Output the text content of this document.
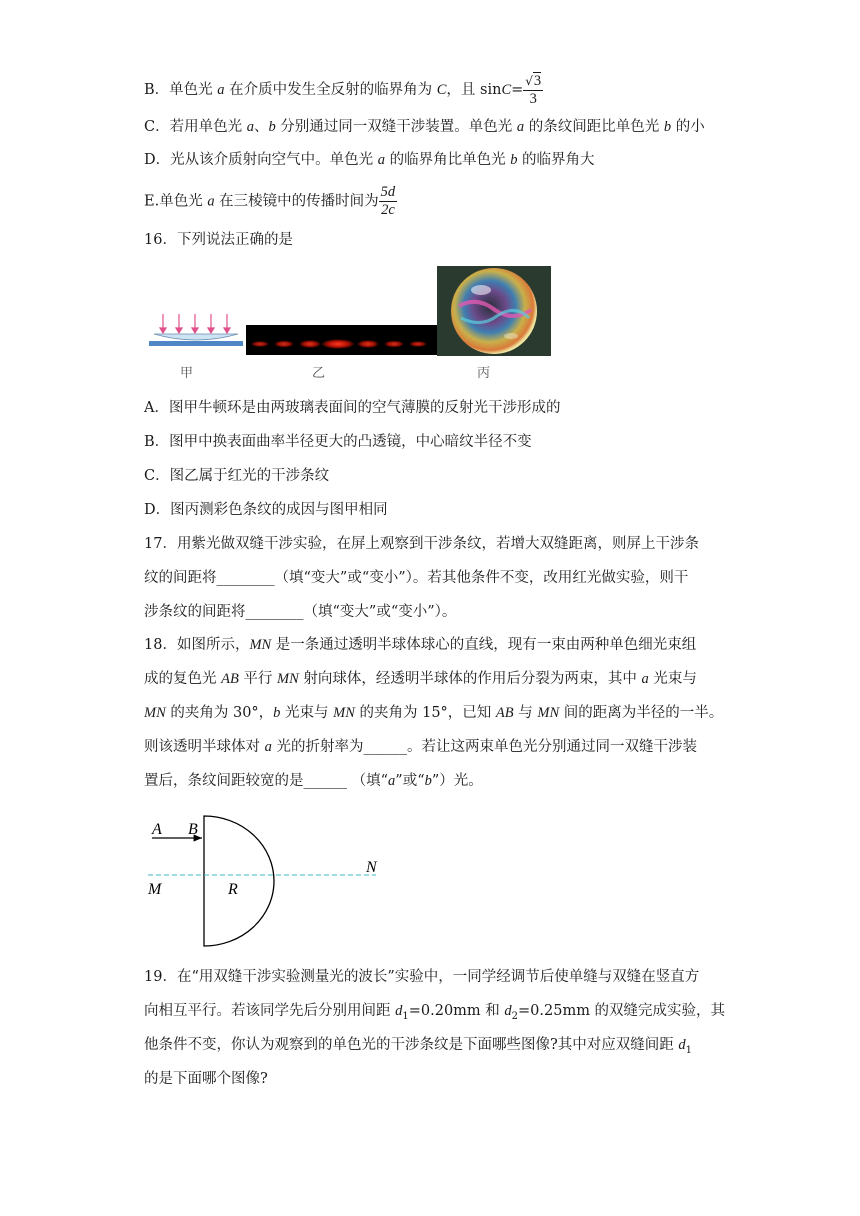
B．单色光 a 在介质中发生全反射的临界角为 C，且 $\sin C= \frac{√3}{3}$
C．若用单色光 a、b 分别通过同一双缝干涉装置。单色光 a 的条纹间距比单色光 b 的小
D．光从该介质射向空气中。单色光 a 的临界角比单色光 b 的临界角大
E.单色光 a 在三棱镜中的传播时间为 $\frac{5d}{2c}$
16．下列说法正确的是
甲	乙	丙
A．图甲牛顿环是由两玻璃表面间的空气薄膜的反射光干涉形成的
B．图甲中换表面曲率半径更大的凸透镜，中心暗纹半径不变
C．图乙属于红光的干涉条纹
D．图丙测彩色条纹的成因与图甲相同
17．用紫光做双缝干涉实验，在屏上观察到干涉条纹，若增大双缝距离，则屏上干涉条
纹的间距将________（填“变大”或“变小”）。若其他条件不变，改用红光做实验，则干
涉条纹的间距将________（填“变大”或“变小”）。
18．如图所示，MN 是一条通过透明半球体球心的直线，现有一束由两种单色细光束组
成的复色光 AB 平行 MN 射向球体，经透明半球体的作用后分裂为两束，其中 a 光束与
MN 的夹角为 30°，b 光束与 MN 的夹角为 15°，已知 AB 与 MN 间的距离为半径的一半。
则该透明半球体对 a 光的折射率为______。若让这两束单色光分别通过同一双缝干涉装
置后，条纹间距较宽的是______ （填“a”或“b”）光。
A B
M
N
R
19．在“用双缝干涉实验测量光的波长”实验中，一同学经调节后使单缝与双缝在竖直方
向相互平行。若该同学先后分别用间距 $d_1=0.20mm$ 和 $d_2=0.25mm$ 的双缝完成实验，其
他条件不变，你认为观察到的单色光的干涉条纹是下面哪些图像?其中对应双缝间距 $d_1$
的是下面哪个图像?
